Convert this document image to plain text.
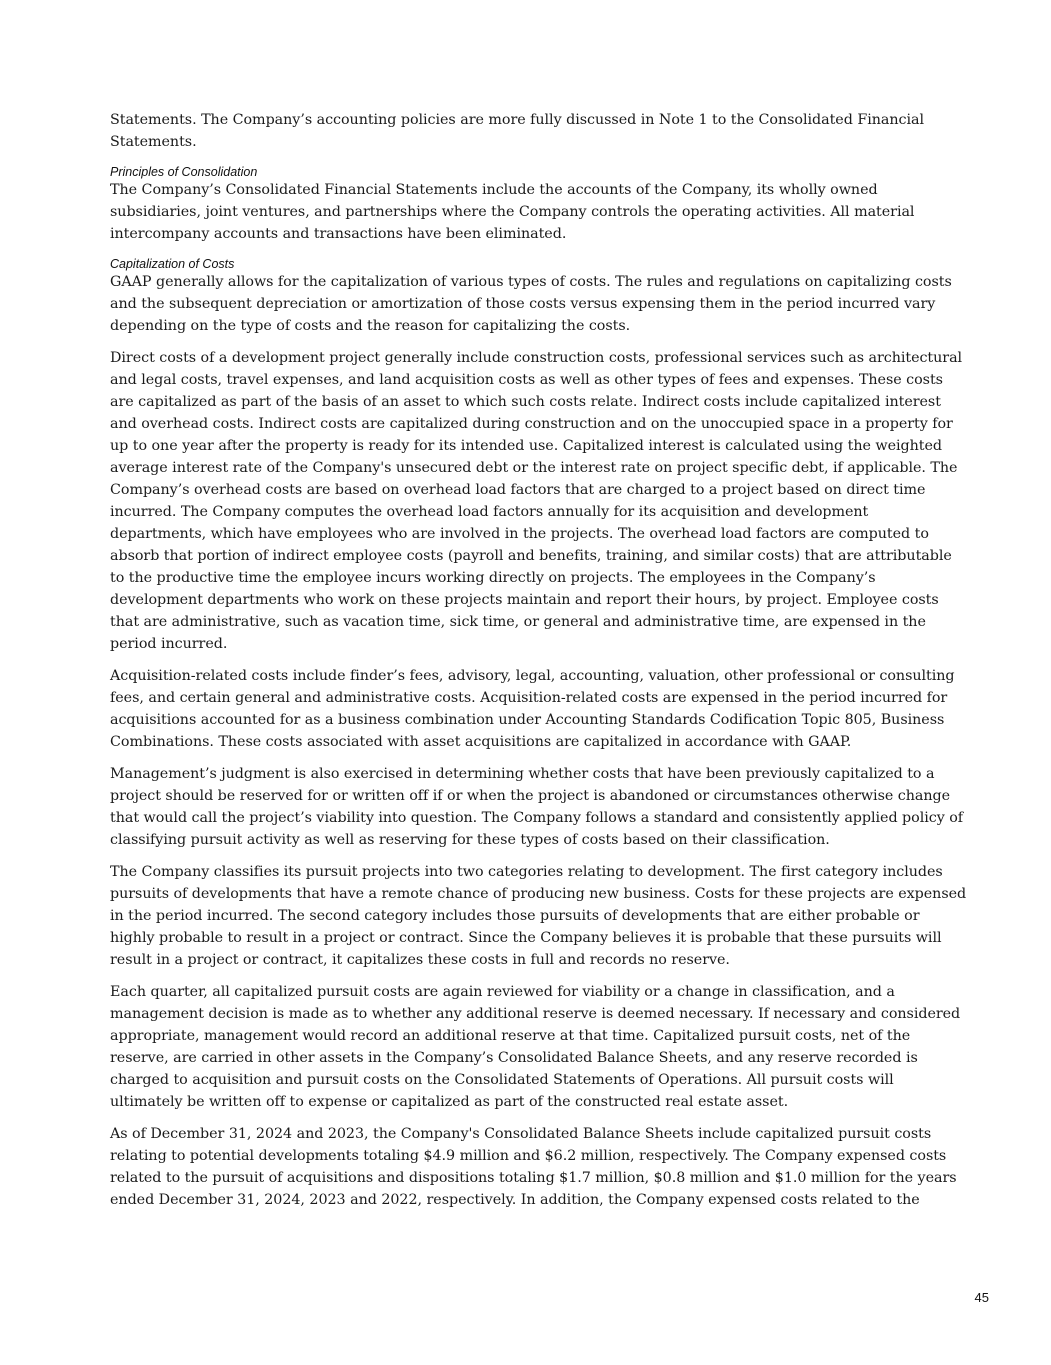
Statements. The Company’s accounting policies are more fully discussed in Note 1 to the Consolidated Financial Statements.

Principles of Consolidation

The Company’s Consolidated Financial Statements include the accounts of the Company, its wholly owned subsidiaries, joint ventures, and partnerships where the Company controls the operating activities. All material intercompany accounts and transactions have been eliminated.

Capitalization of Costs

GAAP generally allows for the capitalization of various types of costs. The rules and regulations on capitalizing costs and the subsequent depreciation or amortization of those costs versus expensing them in the period incurred vary depending on the type of costs and the reason for capitalizing the costs.

Direct costs of a development project generally include construction costs, professional services such as architectural and legal costs, travel expenses, and land acquisition costs as well as other types of fees and expenses. These costs are capitalized as part of the basis of an asset to which such costs relate. Indirect costs include capitalized interest and overhead costs. Indirect costs are capitalized during construction and on the unoccupied space in a property for up to one year after the property is ready for its intended use. Capitalized interest is calculated using the weighted average interest rate of the Company's unsecured debt or the interest rate on project specific debt, if applicable. The Company’s overhead costs are based on overhead load factors that are charged to a project based on direct time incurred. The Company computes the overhead load factors annually for its acquisition and development departments, which have employees who are involved in the projects. The overhead load factors are computed to absorb that portion of indirect employee costs (payroll and benefits, training, and similar costs) that are attributable to the productive time the employee incurs working directly on projects. The employees in the Company’s development departments who work on these projects maintain and report their hours, by project. Employee costs that are administrative, such as vacation time, sick time, or general and administrative time, are expensed in the period incurred.

Acquisition-related costs include finder’s fees, advisory, legal, accounting, valuation, other professional or consulting fees, and certain general and administrative costs. Acquisition-related costs are expensed in the period incurred for acquisitions accounted for as a business combination under Accounting Standards Codification Topic 805, Business Combinations. These costs associated with asset acquisitions are capitalized in accordance with GAAP.

Management’s judgment is also exercised in determining whether costs that have been previously capitalized to a project should be reserved for or written off if or when the project is abandoned or circumstances otherwise change that would call the project’s viability into question. The Company follows a standard and consistently applied policy of classifying pursuit activity as well as reserving for these types of costs based on their classification.

The Company classifies its pursuit projects into two categories relating to development. The first category includes pursuits of developments that have a remote chance of producing new business. Costs for these projects are expensed in the period incurred. The second category includes those pursuits of developments that are either probable or highly probable to result in a project or contract. Since the Company believes it is probable that these pursuits will result in a project or contract, it capitalizes these costs in full and records no reserve.

Each quarter, all capitalized pursuit costs are again reviewed for viability or a change in classification, and a management decision is made as to whether any additional reserve is deemed necessary. If necessary and considered appropriate, management would record an additional reserve at that time. Capitalized pursuit costs, net of the reserve, are carried in other assets in the Company’s Consolidated Balance Sheets, and any reserve recorded is charged to acquisition and pursuit costs on the Consolidated Statements of Operations. All pursuit costs will ultimately be written off to expense or capitalized as part of the constructed real estate asset.

As of December 31, 2024 and 2023, the Company's Consolidated Balance Sheets include capitalized pursuit costs relating to potential developments totaling $4.9 million and $6.2 million, respectively. The Company expensed costs related to the pursuit of acquisitions and dispositions totaling $1.7 million, $0.8 million and $1.0 million for the years ended December 31, 2024, 2023 and 2022, respectively. In addition, the Company expensed costs related to the

45
